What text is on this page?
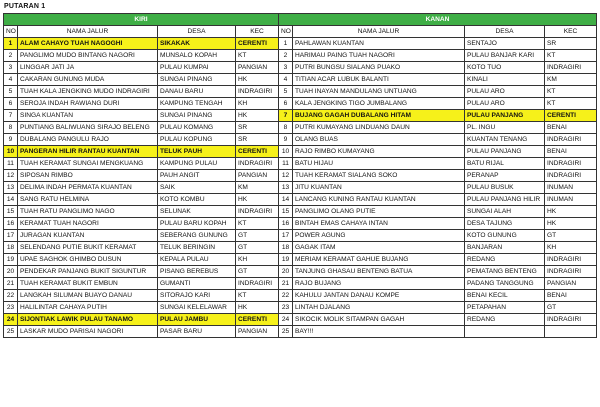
PUTARAN 1
KIRI	KANAN
NO	NAMA JALUR	DESA	KEC	NO	NAMA JALUR	DESA	KEC
1	ALAM CAHAYO TUAH NAGOGHI	SIKAKAK	CERENTI	1	PAHLAWAN KUANTAN	SENTAJO	SR
2	PANGLIMO MUDO BINTANG NAGORI	MUNSALO KOPAH	KT	2	HARIMAU PAING TUAH NAGORI	PULAU BANJAR KARI	KT
3	LINGGAR JATI JA	PULAU KUMPAI	PANGIAN	3	PUTRI BUNGSU SIALANG PUAKO	KOTO TUO	INDRAGIRI
4	CAKARAN GUNUNG MUDA	SUNGAI PINANG	HK	4	TITIAN ACAR LUBUK BALANTI	KINALI	KM
5	TUAH KALA JENGKING MUDO INDRAGIRI	DANAU BARU	INDRAGIRI	5	TUAH INAYAN MANDULANG UNTUANG	PULAU ARO	KT
6	SEROJA INDAH RAWIANG DURI	KAMPUNG TENGAH	KH	6	KALA JENGKING TIGO JUMBALANG	PULAU ARO	KT
7	SINGA KUANTAN	SUNGAI PINANG	HK	7	BUJANG GAGAH DUBALANG HITAM	PULAU PANJANG	CERENTI
8	PUNTIANG BALIWUANG SIRAJO BELENG	PULAU KOMANG	SR	8	PUTRI KUMAYANG LINDUANG DAUN	PL. INGU	BENAI
9	DUBALANG PANGULU RAJO	PULAU KOPUNG	SR	9	OLANG BUAS	KUANTAN TENANG	INDRAGIRI
10 PANGERAN HILIR RANTAU KUANTAN	TELUK PAUH	CERENTI	10 RAJO RIMBO KUMAYANG	PULAU PANJANG	BENAI
11 TUAH KERAMAT SUNGAI MENGKUANG	KAMPUNG PULAU	INDRAGIRI	11 BATU HIJAU	BATU RIJAL	INDRAGIRI
12 SIPOSAN RIMBO	PAUH ANGIT	PANGIAN	12 TUAH KERAMAT SIALANG SOKO	PERANAP	INDRAGIRI
13 DELIMA INDAH PERMATA KUANTAN	SAIK	KM	13 JITU KUANTAN	PULAU BUSUK	INUMAN
14 SANG RATU HELMINA	KOTO KOMBU	HK	14 LANCANG KUNING RANTAU KUANTAN	PULAU PANJANG HILIR	INUMAN
15 TUAH RATU PANGLIMO NAGO	SELUNAK	INDRAGIRI	15 PANGLIMO OLANG PUTIE	SUNGAI ALAH	HK
16 KERAMAT TUAH NAGORI	PULAU BARU KOPAH	KT	16 BINTAH EMAS CAHAYA INTAN	DESA TAJUNG	HK
17 JURAGAN KUANTAN	SEBERANG GUNUNG	GT	17 POWER AGUNG	KOTO GUNUNG	GT
18 SELENDANG PUTIE BUKIT KERAMAT	TELUK BERINGIN	GT	18 GAGAK ITAM	BANJARAN	KH
19 UPAE SAGHOK GHIMBO DUSUN	KEPALA PULAU	KH	19 MERIAM KERAMAT GAHUE BUJANG	REDANG	INDRAGIRI
20 PENDEKAR PANJANG BUKIT SIGUNTUR	PISANG BEREBUS	GT	20 TANJUNG GHASAU BENTENG BATUA	PEMATANG BENTENG	INDRAGIRI
21 TUAH KERAMAT BUKIT EMBUN	GUMANTI	INDRAGIRI	21 RAJO BUJANG	PADANG TANGGUNG	PANGIAN
22 LANGKAH SILUMAN BUAYO DANAU	SITORAJO KARI	KT	22 KAHULU JANTAN DANAU KOMPE	BENAI KECIL	BENAI
23 HALILINTAR CAHAYA PUTIH	SUNGAI KELELAWAR	HK	23 LINTAH DJALANG	PETAPAHAN	GT
24 SIJONTIAK LAWIK PULAU TANAMO	PULAU JAMBU	CERENTI	24 SIKOCIK MOLIK SITAMPAN GAGAH	REDANG	INDRAGIRI
25 LASKAR MUDO PARISAI NAGORI	PASAR BARU	PANGIAN	25 BAY!!!
